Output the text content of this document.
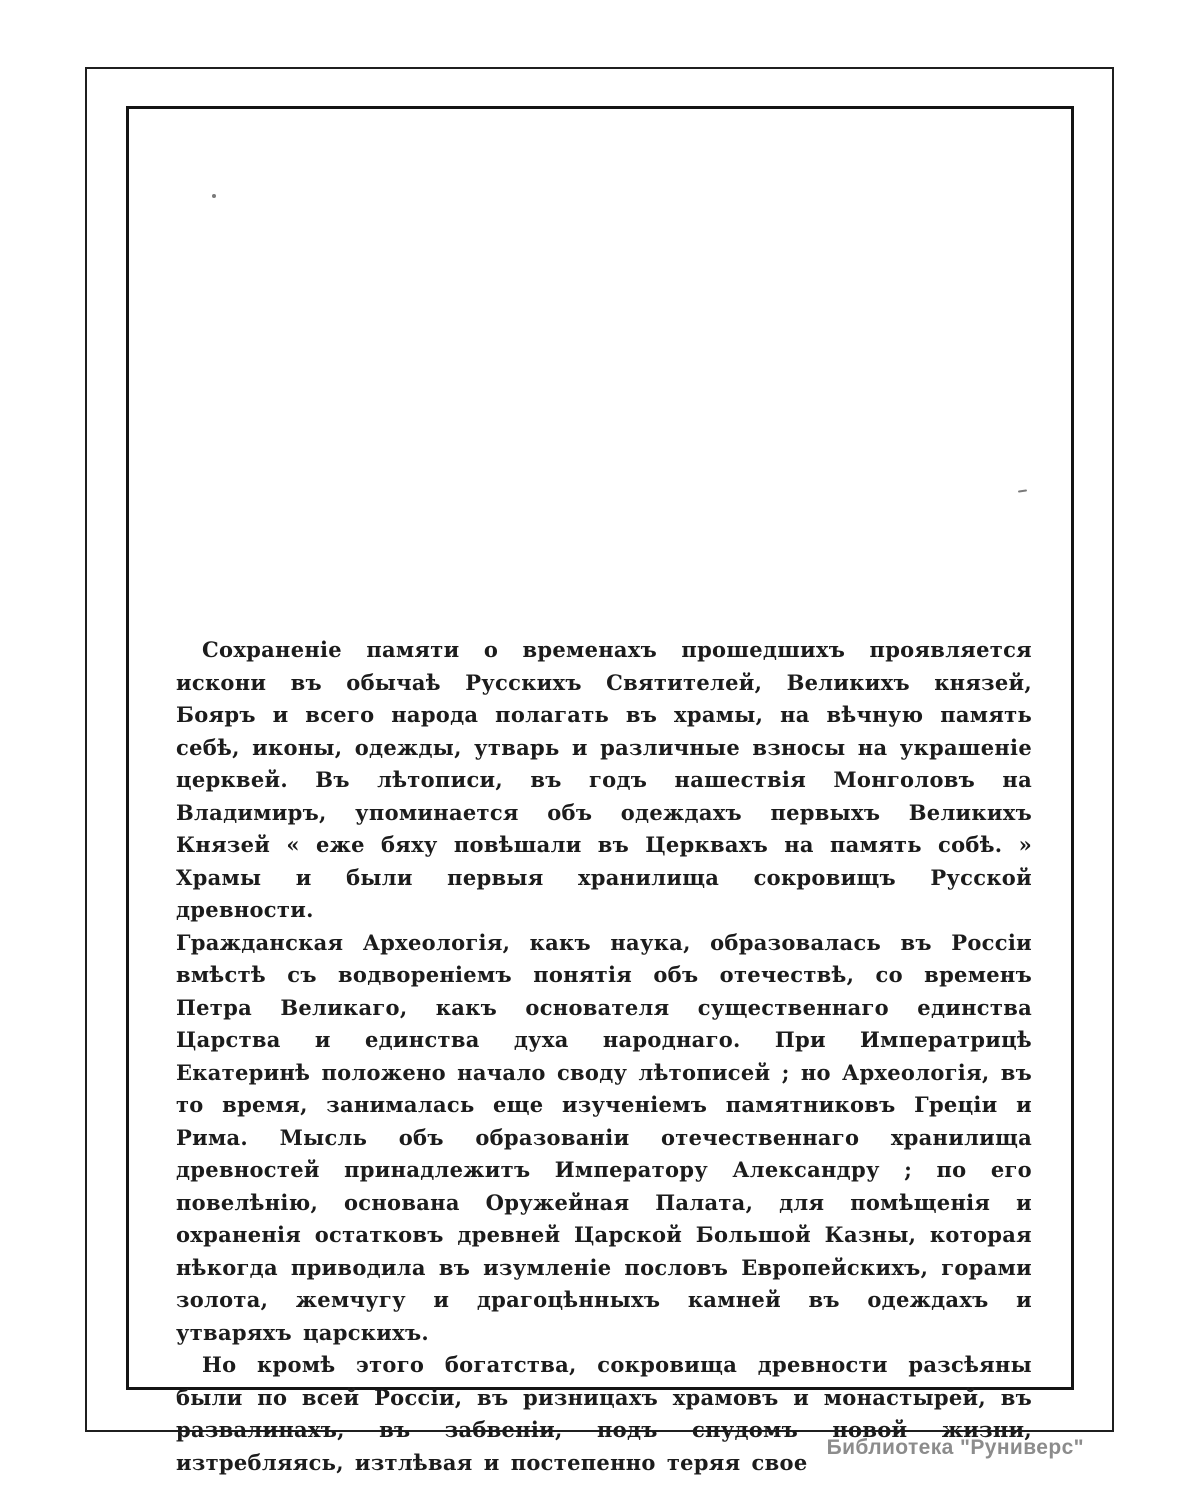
Сохраненіе памяти о временахъ прошедшихъ проявляется искони въ обычаѣ Русскихъ Святителей, Великихъ князей, Бояръ и всего народа полагать въ храмы, на вѣчную память себѣ, иконы, одежды, утварь и различные взносы на украшеніе церквей. Въ лѣтописи, въ годъ нашествія Монголовъ на Владимиръ, упоминается объ одеждахъ первыхъ Великихъ Князей « еже бяху повѣшали въ Церквахъ на память собѣ. » Храмы и были первыя хранилища сокровищъ Русской древности.

Гражданская Археологія, какъ наука, образовалась въ Россіи вмѣстѣ съ водвореніемъ понятія объ отечествѣ, со временъ Петра Великаго, какъ основателя существеннаго единства Царства и единства духа народнаго. При Императрицѣ Екатеринѣ положено начало своду лѣтописей ; но Археологія, въ то время, занималась еще изученіемъ памятниковъ Греціи и Рима. Мысль объ образованіи отечественнаго хранилища древностей принадлежитъ Императору Александру ; по его повелѣнію, основана Оружейная Палата, для помѣщенія и охраненія остатковъ древней Царской Большой Казны, которая нѣкогда приводила въ изумленіе пословъ Европейскихъ, горами золота, жемчугу и драгоцѣнныхъ камней въ одеждахъ и утваряхъ царскихъ.

Но кромѣ этого богатства, сокровища древности разсѣяны были по всей Россіи, въ ризницахъ храмовъ и монастырей, въ развалинахъ, въ забвеніи, подъ спудомъ новой жизни, изтребляясь, изтлѣвая и постепенно теряя свое

Библиотека "Руниверс"
